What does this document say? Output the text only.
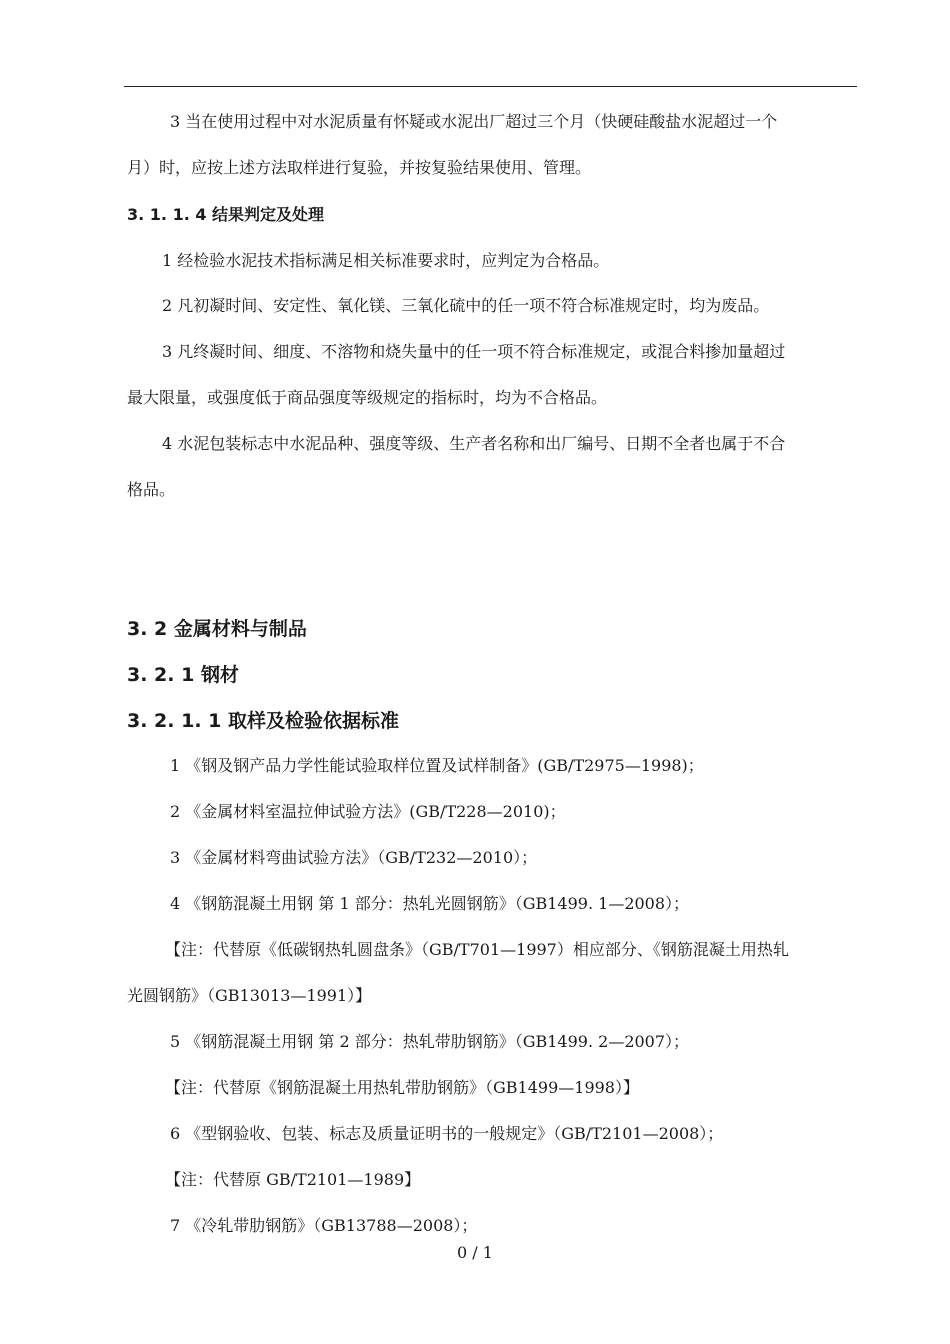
3 当在使用过程中对水泥质量有怀疑或水泥出厂超过三个月（快硬硅酸盐水泥超过一个
月）时，应按上述方法取样进行复验，并按复验结果使用、管理。
3. 1. 1. 4 结果判定及处理
1 经检验水泥技术指标满足相关标准要求时，应判定为合格品。
2 凡初凝时间、安定性、氧化镁、三氧化硫中的任一项不符合标准规定时，均为废品。
3 凡终凝时间、细度、不溶物和烧失量中的任一项不符合标准规定，或混合料掺加量超过
最大限量，或强度低于商品强度等级规定的指标时，均为不合格品。
4 水泥包装标志中水泥品种、强度等级、生产者名称和出厂编号、日期不全者也属于不合
格品。
3. 2 金属材料与制品
3. 2. 1 钢材
3. 2. 1. 1 取样及检验依据标准
1 《钢及钢产品力学性能试验取样位置及试样制备》(GB/T2975—1998)；
2 《金属材料室温拉伸试验方法》(GB/T228—2010)；
3 《金属材料弯曲试验方法》（GB/T232—2010）；
4 《钢筋混凝土用钢 第 1 部分：热轧光圆钢筋》（GB1499. 1—2008）；
【注：代替原《低碳钢热轧圆盘条》（GB/T701—1997）相应部分、《钢筋混凝土用热轧
光圆钢筋》（GB13013—1991）】
5 《钢筋混凝土用钢 第 2 部分：热轧带肋钢筋》（GB1499. 2—2007）；
【注：代替原《钢筋混凝土用热轧带肋钢筋》（GB1499—1998）】
6 《型钢验收、包装、标志及质量证明书的一般规定》（GB/T2101—2008）；
【注：代替原 GB/T2101—1989】
7 《冷轧带肋钢筋》（GB13788—2008）；
0 / 1
